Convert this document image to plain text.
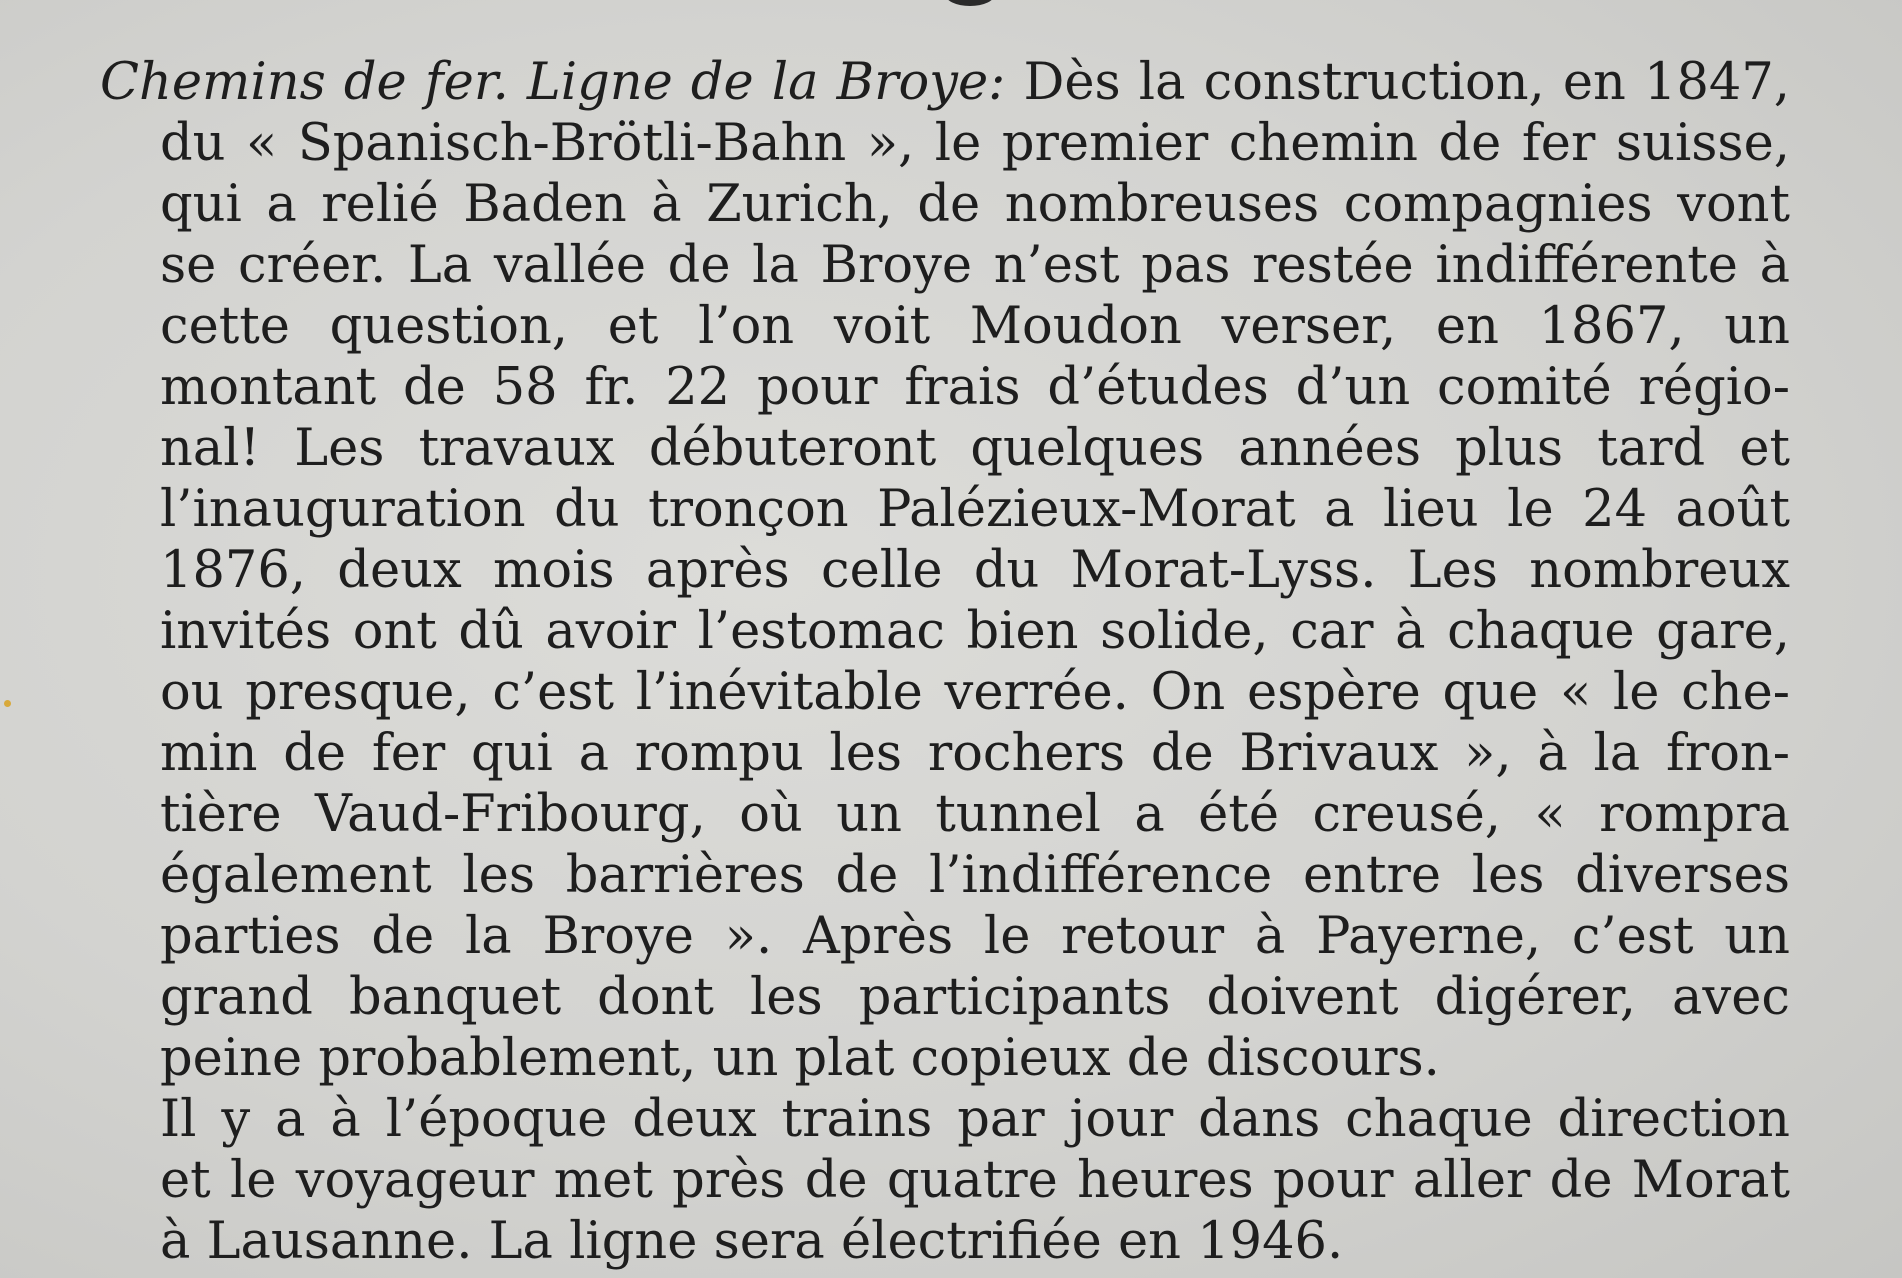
Chemins de fer. Ligne de la Broye: Dès la construction, en 1847,
du « Spanisch-Brötli-Bahn », le premier chemin de fer suisse,
qui a relié Baden à Zurich, de nombreuses compagnies vont
se créer. La vallée de la Broye n’est pas restée indifférente à
cette question, et l’on voit Moudon verser, en 1867, un
montant de 58 fr. 22 pour frais d’études d’un comité régio-
nal! Les travaux débuteront quelques années plus tard et
l’inauguration du tronçon Palézieux-Morat a lieu le 24 août
1876, deux mois après celle du Morat-Lyss. Les nombreux
invités ont dû avoir l’estomac bien solide, car à chaque gare,
ou presque, c’est l’inévitable verrée. On espère que « le che-
min de fer qui a rompu les rochers de Brivaux », à la fron-
tière Vaud-Fribourg, où un tunnel a été creusé, « rompra
également les barrières de l’indifférence entre les diverses
parties de la Broye ». Après le retour à Payerne, c’est un
grand banquet dont les participants doivent digérer, avec
peine probablement, un plat copieux de discours.
Il y a à l’époque deux trains par jour dans chaque direction
et le voyageur met près de quatre heures pour aller de Morat
à Lausanne. La ligne sera électrifiée en 1946.
